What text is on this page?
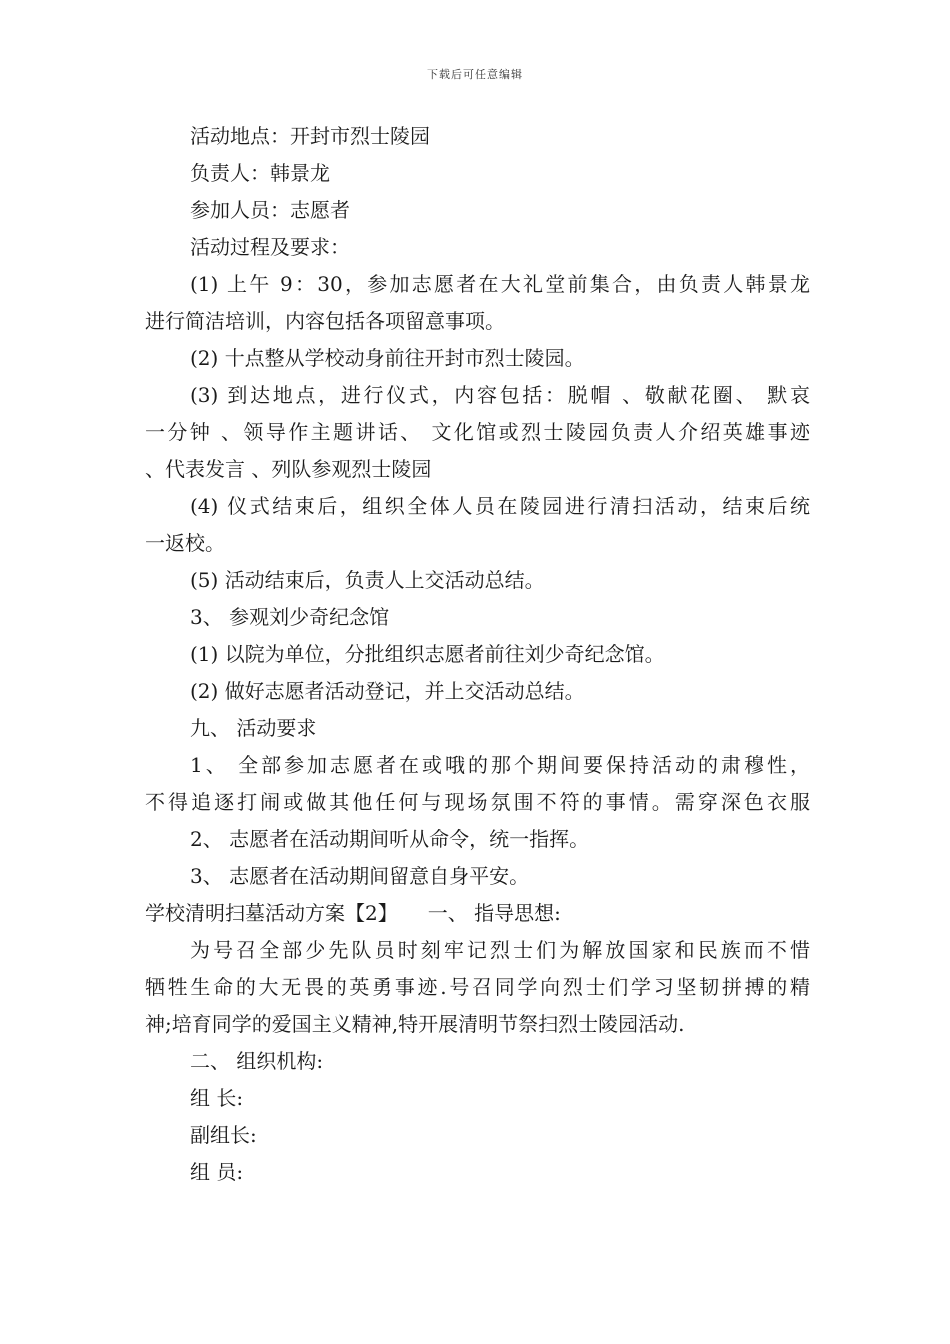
下载后可任意编辑
活动地点：开封市烈士陵园
负责人：韩景龙
参加人员：志愿者
活动过程及要求：
(1) 上午 9：30，参加志愿者在大礼堂前集合，由负责人韩景龙
进行简洁培训，内容包括各项留意事项。
(2) 十点整从学校动身前往开封市烈士陵园。
(3) 到达地点，进行仪式，内容包括：脱帽 、敬献花圈、 默哀
一分钟 、领导作主题讲话、 文化馆或烈士陵园负责人介绍英雄事迹
、代表发言 、列队参观烈士陵园
(4) 仪式结束后，组织全体人员在陵园进行清扫活动，结束后统
一返校。
(5) 活动结束后，负责人上交活动总结。
3、 参观刘少奇纪念馆
(1) 以院为单位，分批组织志愿者前往刘少奇纪念馆。
(2) 做好志愿者活动登记，并上交活动总结。
九、 活动要求
1、 全部参加志愿者在或哦的那个期间要保持活动的肃穆性，
不得追逐打闹或做其他任何与现场氛围不符的事情。需穿深色衣服
2、 志愿者在活动期间听从命令，统一指挥。
3、 志愿者在活动期间留意自身平安。
学校清明扫墓活动方案【2】　　一、 指导思想:
为号召全部少先队员时刻牢记烈士们为解放国家和民族而不惜
牺牲生命的大无畏的英勇事迹.号召同学向烈士们学习坚韧拼搏的精
神;培育同学的爱国主义精神,特开展清明节祭扫烈士陵园活动.
二、 组织机构:
组 长:
副组长:
组 员:
